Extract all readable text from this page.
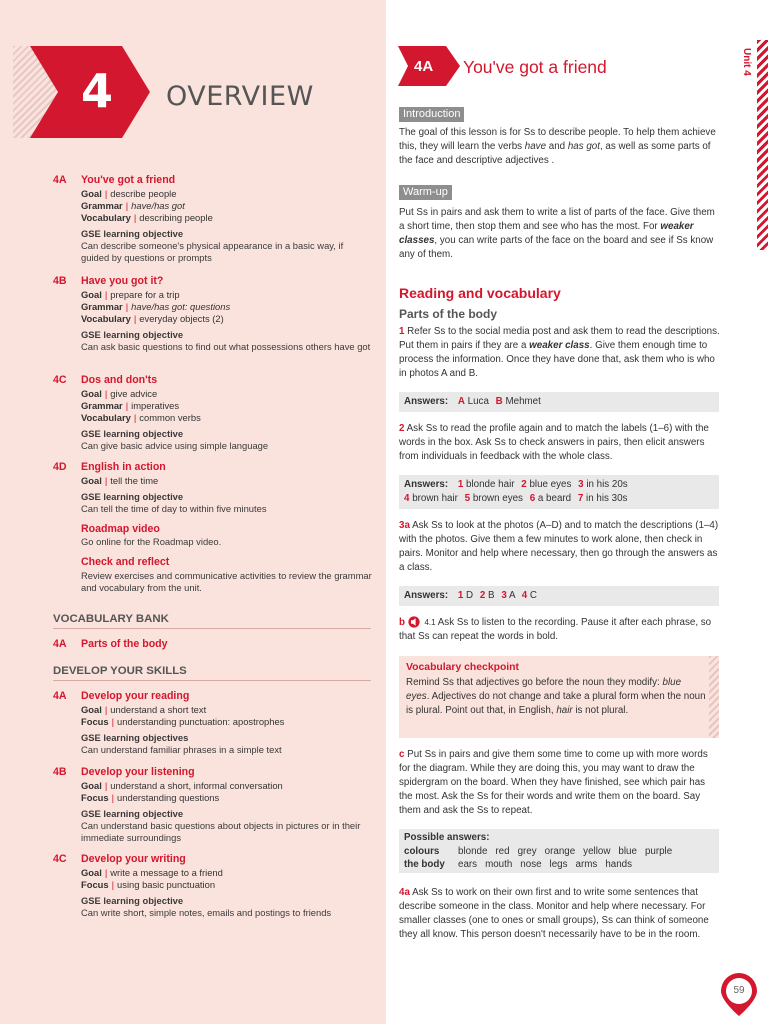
4	OVERVIEW
4A You've got a friend
Goal | describe people
Grammar | have/has got
Vocabulary | describing people
GSE learning objective
Can describe someone's physical appearance in a basic way, if guided by questions or prompts
4B Have you got it?
Goal | prepare for a trip
Grammar | have/has got: questions
Vocabulary | everyday objects (2)
GSE learning objective
Can ask basic questions to find out what possessions others have got
4C Dos and don'ts
Goal | give advice
Grammar | imperatives
Vocabulary | common verbs
GSE learning objective
Can give basic advice using simple language
4D English in action
Goal | tell the time
GSE learning objective
Can tell the time of day to within five minutes
Roadmap video
Go online for the Roadmap video.
Check and reflect
Review exercises and communicative activities to review the grammar and vocabulary from the unit.
VOCABULARY BANK
4A Parts of the body
DEVELOP YOUR SKILLS
4A Develop your reading
Goal | understand a short text
Focus | understanding punctuation: apostrophes
GSE learning objectives
Can understand familiar phrases in a simple text
4B Develop your listening
Goal | understand a short, informal conversation
Focus | understanding questions
GSE learning objective
Can understand basic questions about objects in pictures or in their immediate surroundings
4C Develop your writing
Goal | write a message to a friend
Focus | using basic punctuation
GSE learning objective
Can write short, simple notes, emails and postings to friends
4A You've got a friend	Unit 4
Introduction
The goal of this lesson is for Ss to describe people. To help them achieve this, they will learn the verbs have and has got, as well as some parts of the face and descriptive adjectives .
Warm-up
Put Ss in pairs and ask them to write a list of parts of the face. Give them a short time, then stop them and see who has the most. For weaker classes, you can write parts of the face on the board and see if Ss know any of them.
Reading and vocabulary
Parts of the body
1 Refer Ss to the social media post and ask them to read the descriptions. Put them in pairs if they are a weaker class. Give them enough time to process the information. Once they have done that, ask them who is who in photos A and B.
Answers: A Luca B Mehmet
2 Ask Ss to read the profile again and to match the labels (1–6) with the words in the box. Ask Ss to check answers in pairs, then elicit answers from individuals in feedback with the whole class.
Answers: 1 blonde hair 2 blue eyes 3 in his 20s
4 brown hair 5 brown eyes 6 a beard 7 in his 30s
3a Ask Ss to look at the photos (A–D) and to match the descriptions (1–4) with the photos. Give them a few minutes to work alone, then check in pairs. Monitor and help where necessary, then go through the answers as a class.
Answers: 1 D 2 B 3 A 4 C
b 4.1 Ask Ss to listen to the recording. Pause it after each phrase, so that Ss can repeat the words in bold.
Vocabulary checkpoint
Remind Ss that adjectives go before the noun they modify: blue eyes. Adjectives do not change and take a plural form when the noun is plural. Point out that, in English, hair is not plural.
c Put Ss in pairs and give them some time to come up with more words for the diagram. While they are doing this, you may want to draw the spidergram on the board. When they have finished, see which pair has the most. Ask the Ss for their words and write them on the board. Say them and ask the Ss to repeat.
Possible answers:
colours	blonde red grey orange yellow blue purple
the body	ears mouth nose legs arms hands
4a Ask Ss to work on their own first and to write some sentences that describe someone in the class. Monitor and help where necessary. For smaller classes (one to ones or small groups), Ss can think of someone they all know. This person doesn't necessarily have to be in the room.
59
